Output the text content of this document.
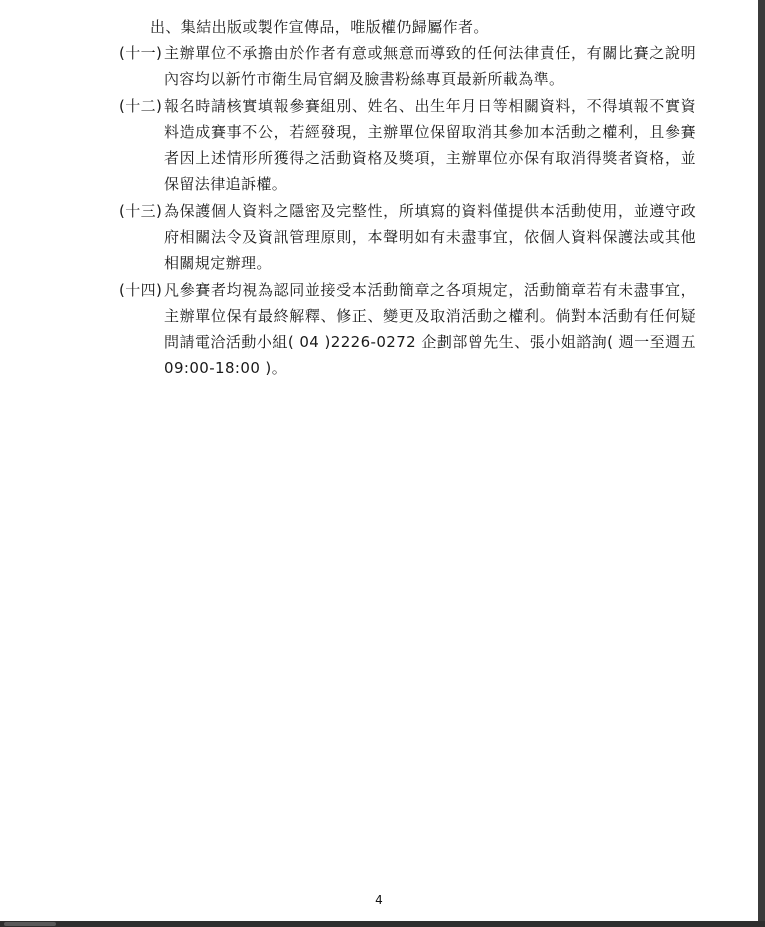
出、集結出版或製作宣傳品，唯版權仍歸屬作者。
(十一) 主辦單位不承擔由於作者有意或無意而導致的任何法律責任，有關比賽之說明內容均以新竹市衛生局官網及臉書粉絲專頁最新所載為準。
(十二) 報名時請核實填報參賽組別、姓名、出生年月日等相關資料，不得填報不實資料造成賽事不公，若經發現，主辦單位保留取消其參加本活動之權利，且參賽者因上述情形所獲得之活動資格及獎項，主辦單位亦保有取消得獎者資格，並保留法律追訴權。
(十三) 為保護個人資料之隱密及完整性，所填寫的資料僅提供本活動使用，並遵守政府相關法令及資訊管理原則，本聲明如有未盡事宜，依個人資料保護法或其他相關規定辦理。
(十四) 凡參賽者均視為認同並接受本活動簡章之各項規定，活動簡章若有未盡事宜，主辦單位保有最終解釋、修正、變更及取消活動之權利。倘對本活動有任何疑問請電洽活動小組( 04 )2226-0272 企劃部曾先生、張小姐諮詢( 週一至週五 09:00-18:00 )。
4
